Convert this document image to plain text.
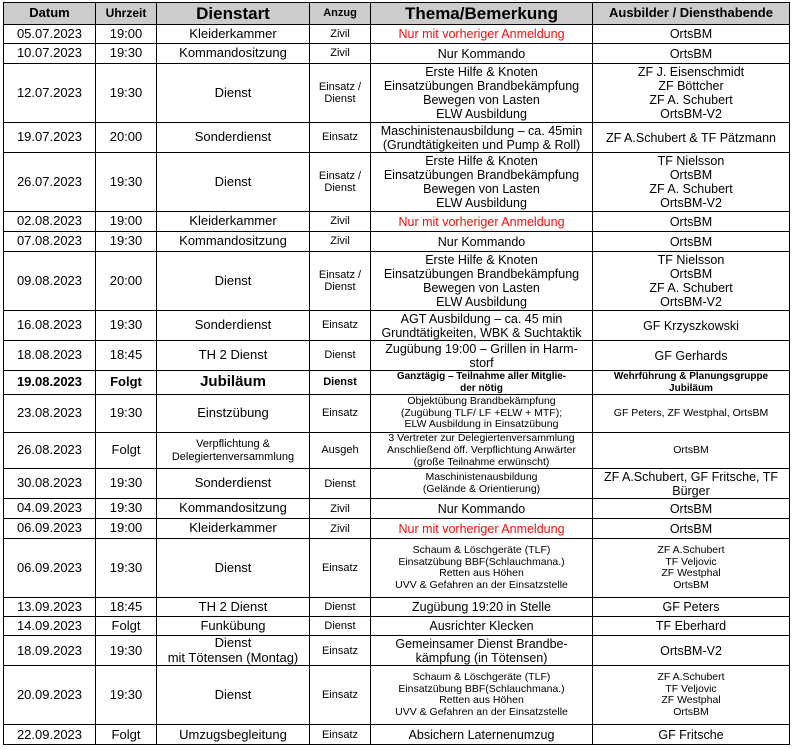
Datum	Uhrzeit	Dienstart	Anzug	Thema/Bemerkung	Ausbilder / Diensthabende
05.07.2023	19:00	Kleiderkammer	Zivil	Nur mit vorheriger Anmeldung	OrtsBM

10.07.2023	19:30	Kommandositzung	Zivil	Nur Kommando	OrtsBM

12.07.2023	19:30	Dienst	Einsatz /
Dienst	Erste Hilfe & Knoten
Einsatzübungen Brandbekämpfung
Bewegen von Lasten
ELW Ausbildung	ZF J. Eisenschmidt
ZF Böttcher
ZF A. Schubert
OrtsBM-V2

19.07.2023	20:00	Sonderdienst	Einsatz	Maschinistenausbildung – ca. 45min
(Grundtätigkeiten und Pump & Roll)	ZF A.Schubert & TF Pätzmann

26.07.2023	19:30	Dienst	Einsatz /
Dienst	Erste Hilfe & Knoten
Einsatzübungen Brandbekämpfung
Bewegen von Lasten
ELW Ausbildung	TF Nielsson
OrtsBM
ZF A. Schubert
OrtsBM-V2

02.08.2023	19:00	Kleiderkammer	Zivil	Nur mit vorheriger Anmeldung	OrtsBM

07.08.2023	19:30	Kommandositzung	Zivil	Nur Kommando	OrtsBM

09.08.2023	20:00	Dienst	Einsatz /
Dienst	Erste Hilfe & Knoten
Einsatzübungen Brandbekämpfung
Bewegen von Lasten
ELW Ausbildung	TF Nielsson
OrtsBM
ZF A. Schubert
OrtsBM-V2

16.08.2023	19:30	Sonderdienst	Einsatz	AGT Ausbildung – ca. 45 min
Grundtätigkeiten, WBK & Suchtaktik	GF Krzyszkowski

18.08.2023	18:45	TH 2 Dienst	Dienst	Zugübung 19:00 – Grillen in Harm-
storf	GF Gerhards

19.08.2023	Folgt	Jubiläum	Dienst	Ganztägig – Teilnahme aller Mitglie-
der nötig	Wehrführung & Planungsgruppe
Jubiläum

23.08.2023	19:30	Einstzübung	Einsatz	Objektübung Brandbekämpfung
(Zugübung TLF/ LF +ELW + MTF);
ELW Ausbildung in Einsatzübung	GF Peters, ZF Westphal, OrtsBM

26.08.2023	Folgt	Verpflichtung &
Delegiertenversammlung	Ausgeh	3 Vertreter zur Delegiertenversammlung
Anschließend öff. Verpflichtung Anwärter
(große Teilnahme erwünscht)	OrtsBM

30.08.2023	19:30	Sonderdienst	Dienst	Maschinistenausbildung
(Gelände & Orientierung)	ZF A.Schubert, GF Fritsche, TF
Bürger

04.09.2023	19:30	Kommandositzung	Zivil	Nur Kommando	OrtsBM

06.09.2023	19:00	Kleiderkammer	Zivil	Nur mit vorheriger Anmeldung	OrtsBM

06.09.2023	19:30	Dienst	Einsatz	Schaum & Löschgeräte (TLF)
Einsatzübung BBF(Schlauchmana.)
Retten aus Höhen
UVV & Gefahren an der Einsatzstelle	ZF A.Schubert
TF Veljovic
ZF Westphal
OrtsBM

13.09.2023	18:45	TH 2 Dienst	Dienst	Zugübung 19:20 in Stelle	GF Peters

14.09.2023	Folgt	Funkübung	Dienst	Ausrichter Klecken	TF Eberhard

18.09.2023	19:30	Dienst
mit Tötensen (Montag)	Einsatz	Gemeinsamer Dienst Brandbe-
kämpfung (in Tötensen)	OrtsBM-V2

20.09.2023	19:30	Dienst	Einsatz	Schaum & Löschgeräte (TLF)
Einsatzübung BBF(Schlauchmana.)
Retten aus Höhen
UVV & Gefahren an der Einsatzstelle	ZF A.Schubert
TF Veljovic
ZF Westphal
OrtsBM

22.09.2023	Folgt	Umzugsbegleitung	Einsatz	Absichern Laternenumzug	GF Fritsche
